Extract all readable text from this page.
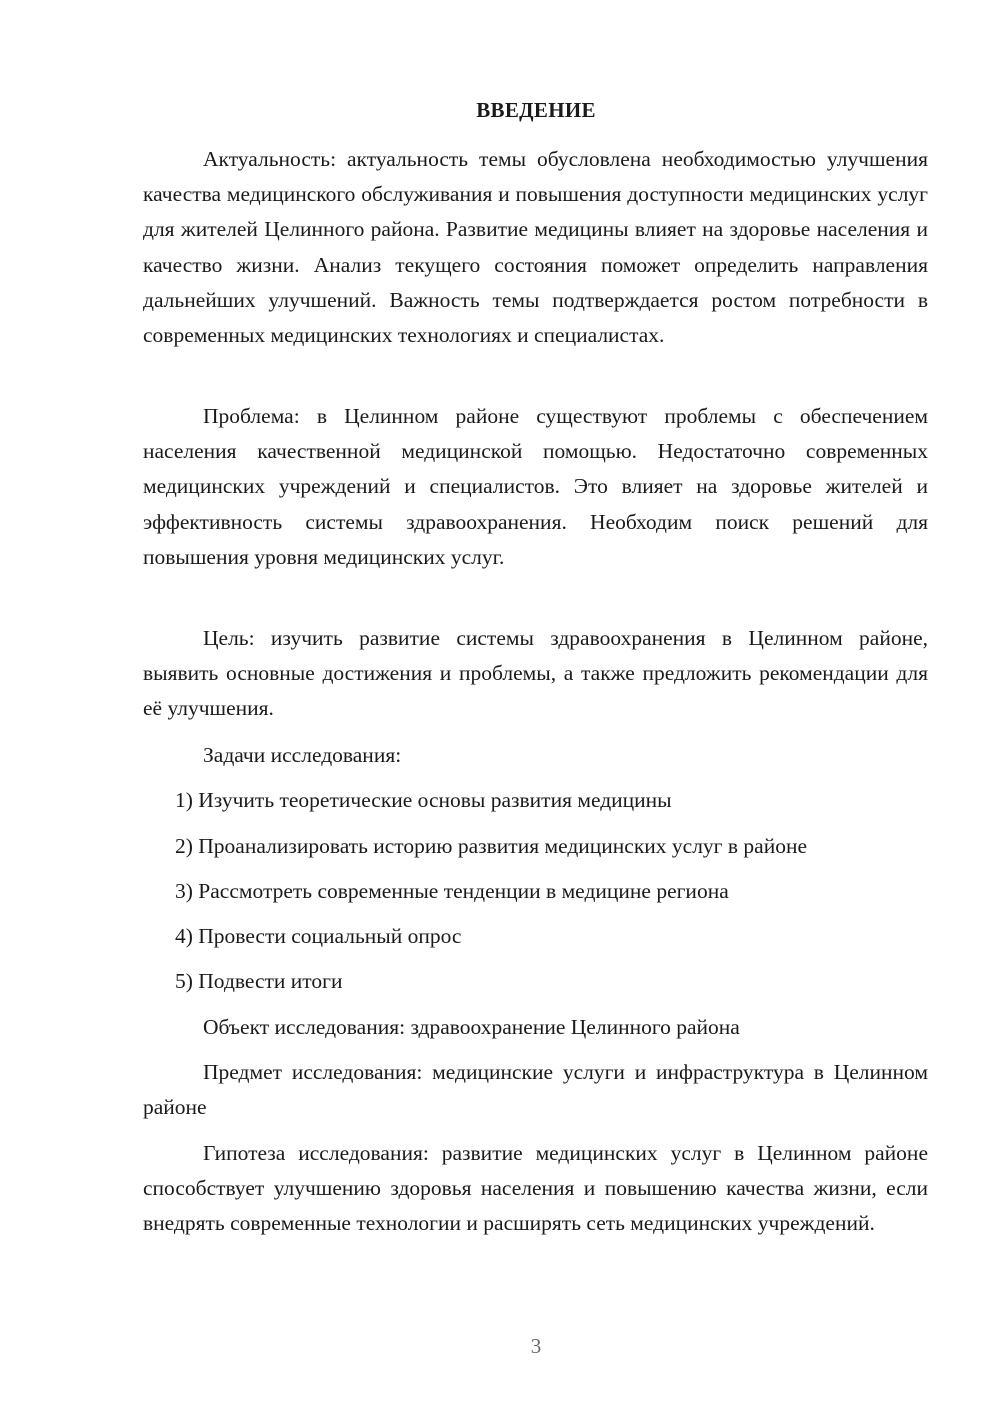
ВВЕДЕНИЕ

Актуальность: актуальность темы обусловлена необходимостью улучшения качества медицинского обслуживания и повышения доступности медицинских услуг для жителей Целинного района. Развитие медицины влияет на здоровье населения и качество жизни. Анализ текущего состояния поможет определить направления дальнейших улучшений. Важность темы подтверждается ростом потребности в современных медицинских технологиях и специалистах.

Проблема: в Целинном районе существуют проблемы с обеспечением населения качественной медицинской помощью. Недостаточно современных медицинских учреждений и специалистов. Это влияет на здоровье жителей и эффективность системы здравоохранения. Необходим поиск решений для повышения уровня медицинских услуг.

Цель: изучить развитие системы здравоохранения в Целинном районе, выявить основные достижения и проблемы, а также предложить рекомендации для её улучшения.

Задачи исследования:

1) Изучить теоретические основы развития медицины

2) Проанализировать историю развития медицинских услуг в районе

3) Рассмотреть современные тенденции в медицине региона

4) Провести социальный опрос

5) Подвести итоги

Объект исследования: здравоохранение Целинного района

Предмет исследования: медицинские услуги и инфраструктура в Целинном районе

Гипотеза исследования: развитие медицинских услуг в Целинном районе способствует улучшению здоровья населения и повышению качества жизни, если внедрять современные технологии и расширять сеть медицинских учреждений.

3
